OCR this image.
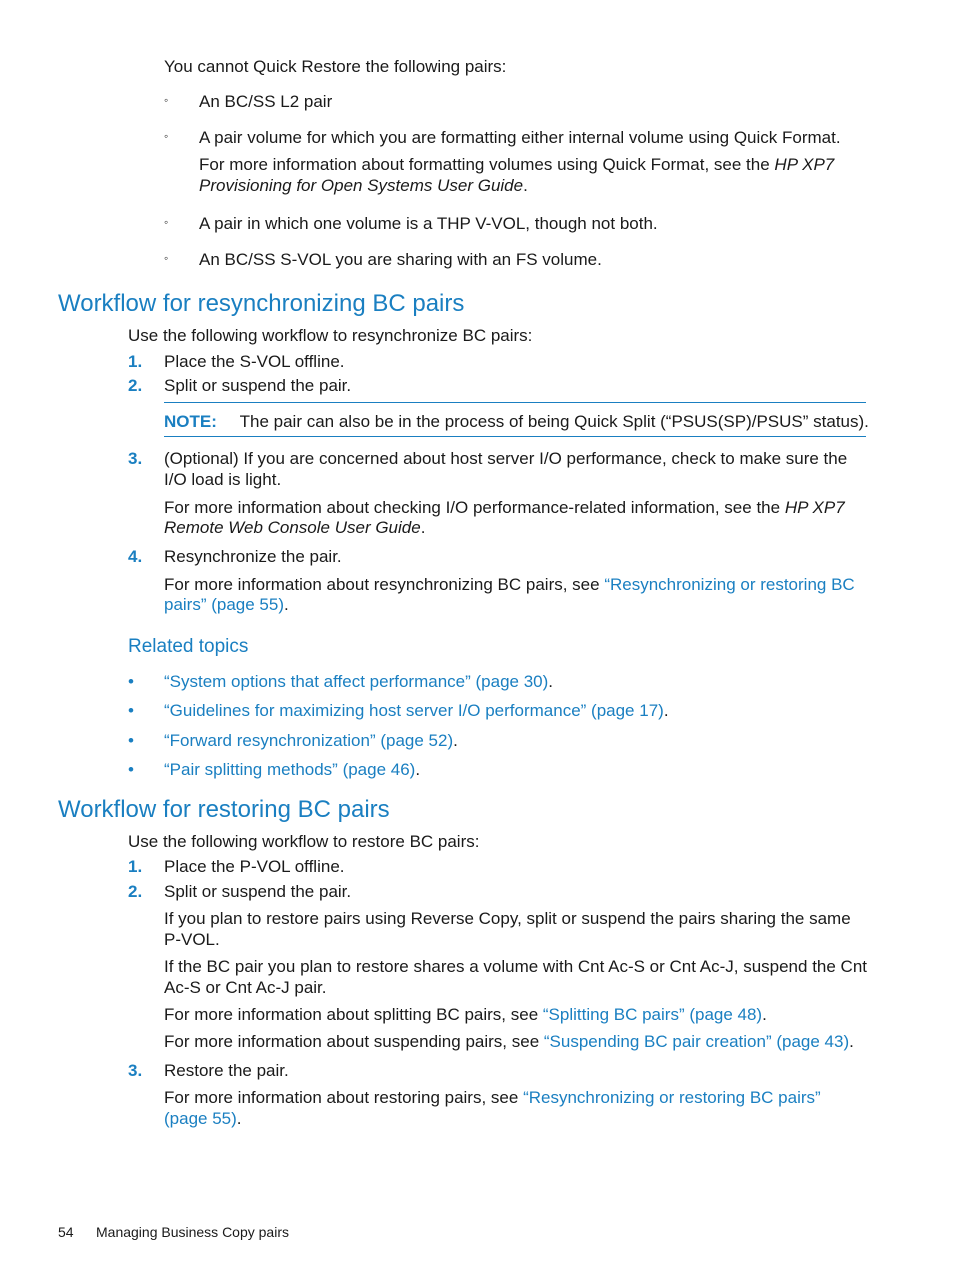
You cannot Quick Restore the following pairs:
◦ An BC/SS L2 pair
◦ A pair volume for which you are formatting either internal volume using Quick Format.
For more information about formatting volumes using Quick Format, see the HP XP7
Provisioning for Open Systems User Guide.
◦ A pair in which one volume is a THP V-VOL, though not both.
◦ An BC/SS S-VOL you are sharing with an FS volume.
Workflow for resynchronizing BC pairs
Use the following workflow to resynchronize BC pairs:
1. Place the S-VOL offline.
2. Split or suspend the pair.
NOTE: The pair can also be in the process of being Quick Split (“PSUS(SP)/PSUS” status).
3. (Optional) If you are concerned about host server I/O performance, check to make sure the
I/O load is light.
For more information about checking I/O performance-related information, see the HP XP7
Remote Web Console User Guide.
4. Resynchronize the pair.
For more information about resynchronizing BC pairs, see “Resynchronizing or restoring BC
pairs” (page 55).
Related topics
• “System options that affect performance” (page 30).
• “Guidelines for maximizing host server I/O performance” (page 17).
• “Forward resynchronization” (page 52).
• “Pair splitting methods” (page 46).
Workflow for restoring BC pairs
Use the following workflow to restore BC pairs:
1. Place the P-VOL offline.
2. Split or suspend the pair.
If you plan to restore pairs using Reverse Copy, split or suspend the pairs sharing the same
P-VOL.
If the BC pair you plan to restore shares a volume with Cnt Ac-S or Cnt Ac-J, suspend the Cnt
Ac-S or Cnt Ac-J pair.
For more information about splitting BC pairs, see “Splitting BC pairs” (page 48).
For more information about suspending pairs, see “Suspending BC pair creation” (page 43).
3. Restore the pair.
For more information about restoring pairs, see “Resynchronizing or restoring BC pairs”
(page 55).
54 Managing Business Copy pairs
